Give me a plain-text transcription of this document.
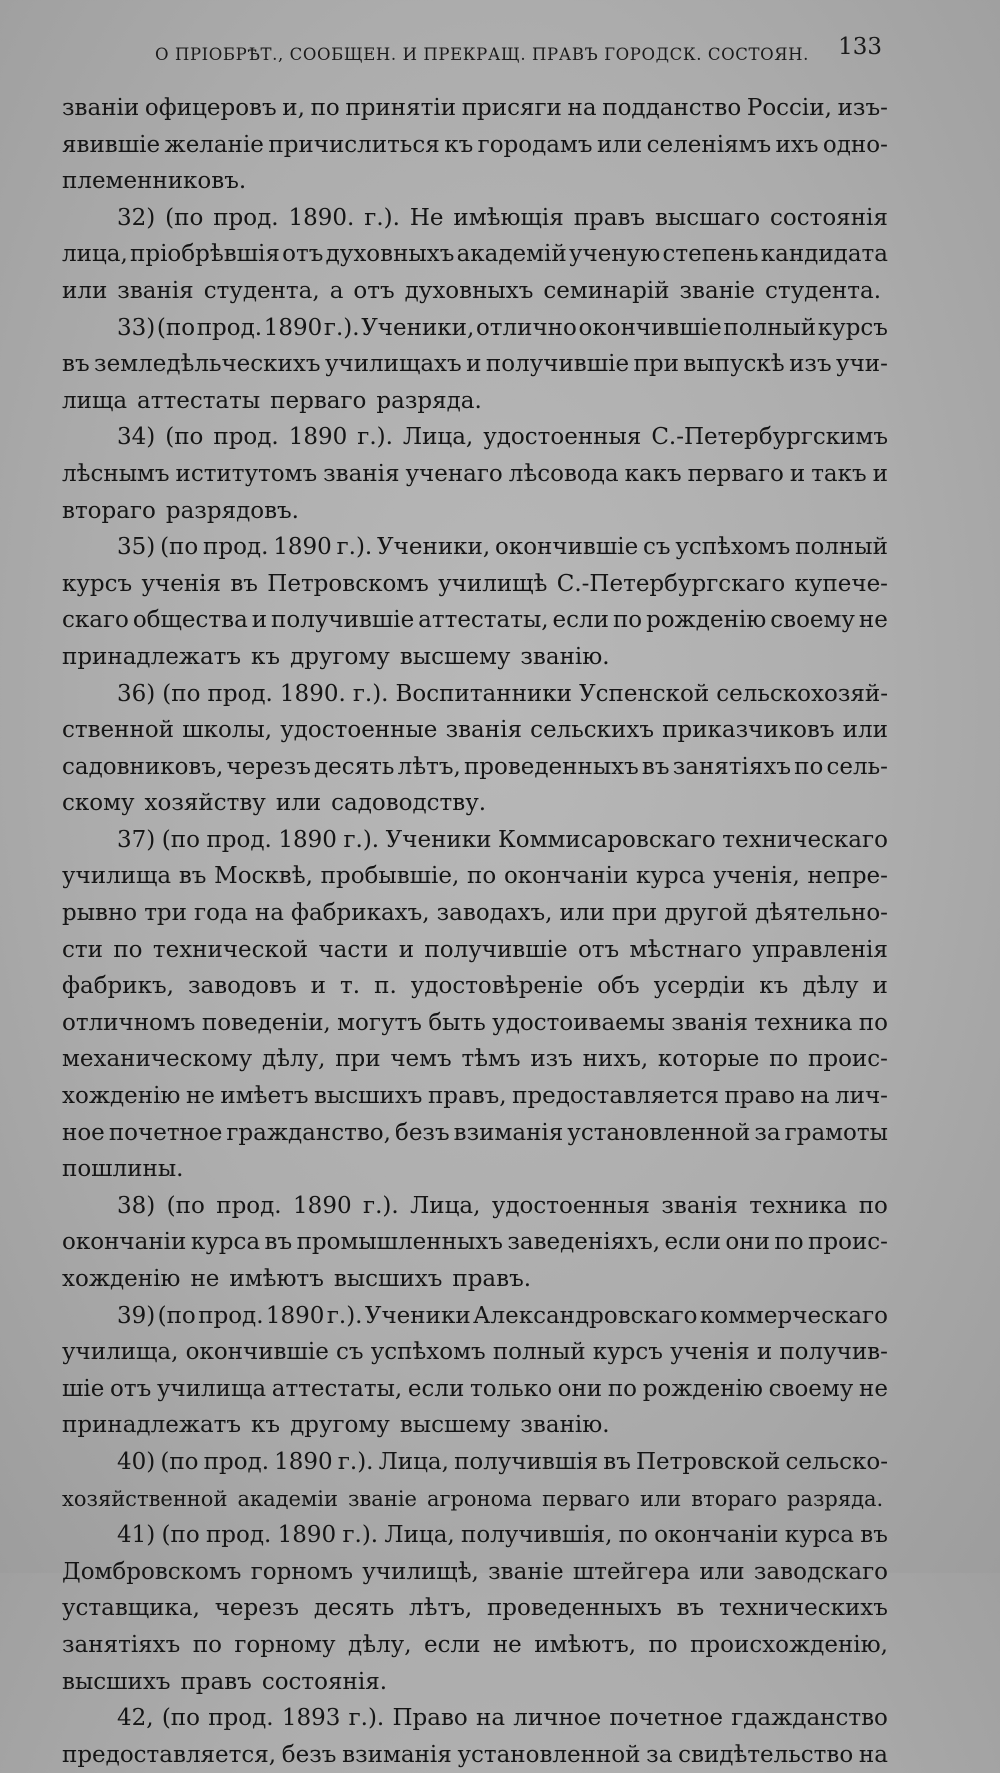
О ПРІОБРѢТ., СООБЩЕН. И ПРЕКРАЩ. ПРАВЪ ГОРОДСК. СОСТОЯН. 133
званіи офицеровъ и, по принятіи присяги на подданство Россіи, изъ-
явившіе желаніе причислиться къ городамъ или селеніямъ ихъ одно-
племенниковъ.
32) (по прод. 1890. г.). Не имѣющія правъ высшаго состоянія
лица, пріобрѣвшія отъ духовныхъ академій ученую степень кандидата
или званія студента, а отъ духовныхъ семинарій званіе студента.
33) (по прод. 1890 г.). Ученики, отлично окончившіе полный курсъ
въ земледѣльческихъ училищахъ и получившіе при выпускѣ изъ учи-
лища аттестаты перваго разряда.
34) (по прод. 1890 г.). Лица, удостоенныя С.-Петербургскимъ
лѣснымъ иститутомъ званія ученаго лѣсовода какъ перваго и такъ и
втораго разрядовъ.
35) (по прод. 1890 г.). Ученики, окончившіе съ успѣхомъ полный
курсъ ученія въ Петровскомъ училищѣ С.-Петербургскаго купече-
скаго общества и получившіе аттестаты, если по рожденію своему не
принадлежатъ къ другому высшему званію.
36) (по прод. 1890. г.). Воспитанники Успенской сельскохозяй-
ственной школы, удостоенные званія сельскихъ приказчиковъ или
садовниковъ, черезъ десять лѣтъ, проведенныхъ въ занятіяхъ по сель-
скому хозяйству или садоводству.
37) (по прод. 1890 г.). Ученики Коммисаровскаго техническаго
училища въ Москвѣ, пробывшіе, по окончаніи курса ученія, непре-
рывно три года на фабрикахъ, заводахъ, или при другой дѣятельно-
сти по технической части и получившіе отъ мѣстнаго управленія
фабрикъ, заводовъ и т. п. удостовѣреніе объ усердіи къ дѣлу и
отличномъ поведеніи, могутъ быть удостоиваемы званія техника по
механическому дѣлу, при чемъ тѣмъ изъ нихъ, которые по проис-
хожденію не имѣетъ высшихъ правъ, предоставляется право на лич-
ное почетное гражданство, безъ взиманія установленной за грамоты
пошлины.
38) (по прод. 1890 г.). Лица, удостоенныя званія техника по
окончаніи курса въ промышленныхъ заведеніяхъ, если они по проис-
хожденію не имѣютъ высшихъ правъ.
39) (по прод. 1890 г.). Ученики Александровскаго коммерческаго
училища, окончившіе съ успѣхомъ полный курсъ ученія и получив-
шіе отъ училища аттестаты, если только они по рожденію своему не
принадлежатъ къ другому высшему званію.
40) (по прод. 1890 г.). Лица, получившія въ Петровской сельско-
хозяйственной академіи званіе агронома перваго или втораго разряда.
41) (по прод. 1890 г.). Лица, получившія, по окончаніи курса въ
Домбровскомъ горномъ училищѣ, званіе штейгера или заводскаго
уставщика, черезъ десять лѣтъ, проведенныхъ въ техническихъ
занятіяхъ по горному дѣлу, если не имѣютъ, по происхожденію,
высшихъ правъ состоянія.
42, (по прод. 1893 г.). Право на личное почетное гдажданство
предоставляется, безъ взиманія установленной за свидѣтельство на
